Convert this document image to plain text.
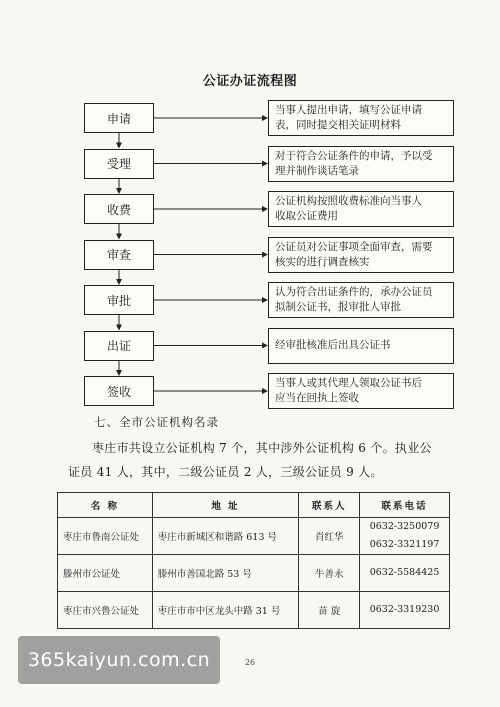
公证办证流程图
申请
当事人提出申请，填写公证申请
表，同时提交相关证明材料
受理
对于符合公证条件的申请，予以受
理并制作谈话笔录
收费
公证机构按照收费标准向当事人
收取公证费用
审查
公证员对公证事项全面审查，需要
核实的进行调查核实
审批
认为符合出证条件的，承办公证员
拟制公证书，报审批人审批
出证	经审批核准后出具公证书
签收
当事人或其代理人领取公证书后
应当在回执上签收
七、全市公证机构名录
枣庄市共设立公证机构 7 个，其中涉外公证机构 6 个。执业公证员 41 人，其中，二级公证员 2 人，三级公证员 9 人。
名 称	地 址	联系人	联系电话
枣庄市鲁南公证处	枣庄市新城区和谐路 613 号	肖红华	0632-3250079
0632-3321197

滕州市公证处	滕州市善国北路 53 号	牛善永	0632-5584425

枣庄市兴鲁公证处	枣庄市市中区龙头中路 31 号	苗 旋	0632-3319230
26
365kaiyun.com.cn
